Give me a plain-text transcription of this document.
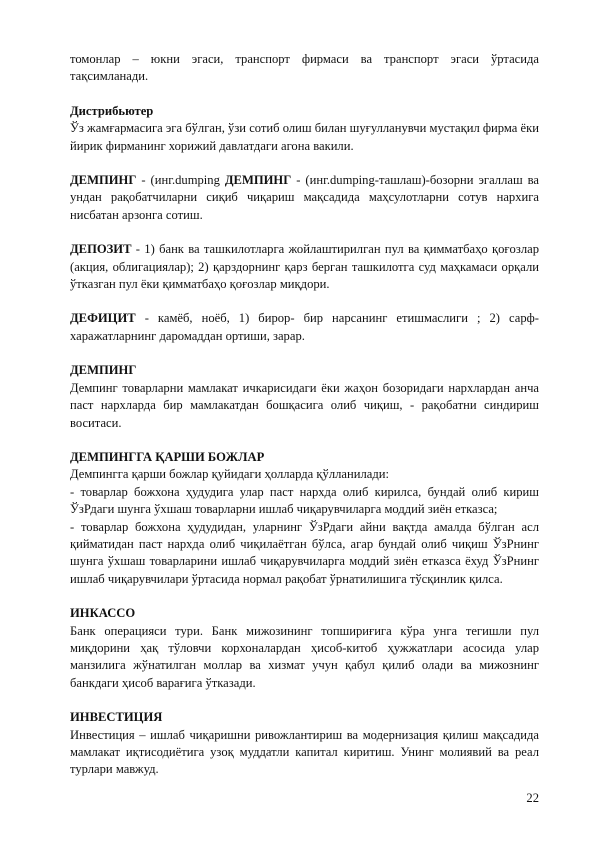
томонлар – юкни эгаси, транспорт фирмаси ва транспорт эгаси ўртасида тақсимланади.

Дистрибьютер

Ўз жамғармасига эга бўлган, ўзи сотиб олиш билан шуғулланувчи мустақил фирма ёки йирик фирманинг хорижий давлатдаги агона вакили.

ДЕМПИНГ - (инг.dumping ДЕМПИНГ - (инг.dumping-ташлаш)-бозорни эгаллаш ва ундан рақобатчиларни сиқиб чиқариш мақсадида маҳсулотларни сотув нархига нисбатан арзонга сотиш.

ДЕПОЗИТ - 1) банк ва ташкилотларга жойлаштирилган пул ва қимматбаҳо қоғозлар (акция, облигациялар); 2) қарздорнинг қарз берган ташкилотга суд маҳкамаси орқали ўтказган пул ёки қимматбаҳо қоғозлар миқдори.

ДЕФИЦИТ - камёб, ноёб, 1) бирор- бир нарсанинг етишмаслиги ; 2) сарф-харажатларнинг даромаддан ортиши, зарар.

ДЕМПИНГ

Демпинг товарларни мамлакат ичкарисидаги ёки жаҳон бозоридаги нархлардан анча паст нархларда бир мамлакатдан бошқасига олиб чиқиш, - рақобатни синдириш воситаси.

ДЕМПИНГГА ҚАРШИ БОЖЛАР

Демпингга қарши божлар қуйидаги ҳолларда қўлланилади:

- товарлар божхона ҳудудига улар паст нархда олиб кирилса, бундай олиб кириш ЎзРдаги шунга ўхшаш товарларни ишлаб чиқарувчиларга моддий зиён етказса;

- товарлар божхона ҳудудидан, уларнинг ЎзРдаги айни вақтда амалда бўлган асл қийматидан паст нархда олиб чиқилаётган бўлса, агар бундай олиб чиқиш ЎзРнинг шунга ўхшаш товарларини ишлаб чиқарувчиларга моддий зиён етказса ёхуд ЎзРнинг ишлаб чиқарувчилари ўртасида нормал рақобат ўрнатилишига тўсқинлик қилса.

ИНКАССО

Банк операцияси тури. Банк мижозининг топшириғига кўра унга тегишли пул миқдорини ҳақ тўловчи корхоналардан ҳисоб-китоб ҳужжатлари асосида улар манзилига жўнатилган моллар ва хизмат учун қабул қилиб олади ва мижознинг банкдаги ҳисоб варағига ўтказади.

ИНВЕСТИЦИЯ

Инвестиция – ишлаб чиқаришни ривожлантириш ва модернизация қилиш мақсадида мамлакат иқтисодиётига узоқ муддатли капитал киритиш. Унинг молиявий ва реал турлари мавжуд.

22
